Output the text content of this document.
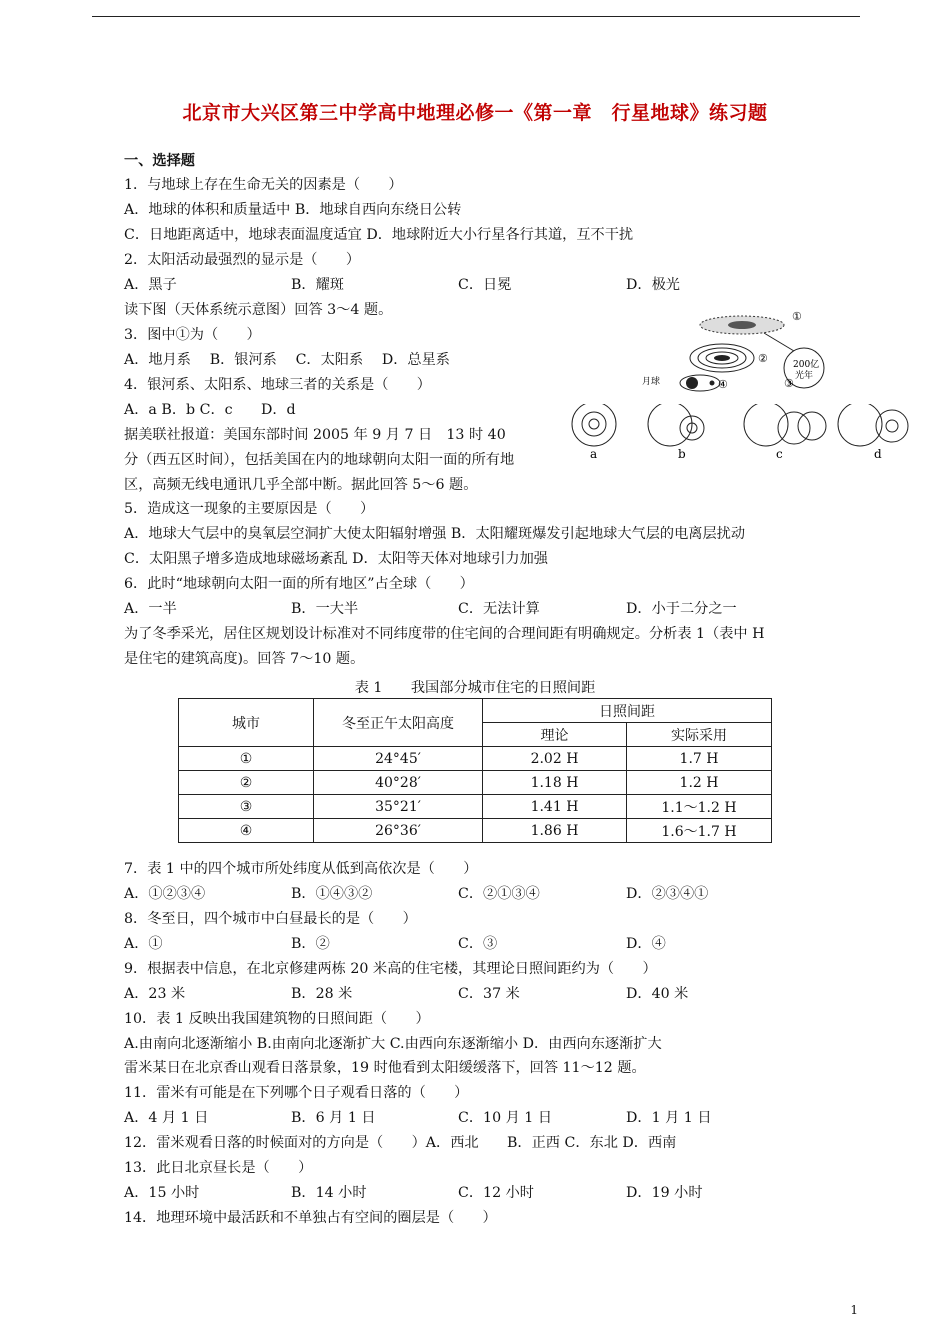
北京市大兴区第三中学高中地理必修一《第一章　行星地球》练习题
一、选择题
1．与地球上存在生命无关的因素是（　　）
A．地球的体积和质量适中 B．地球自西向东绕日公转
C．日地距离适中，地球表面温度适宜 D．地球附近大小行星各行其道，互不干扰
2．太阳活动最强烈的显示是（　　）
A．黑子	B．耀斑	C．日冕	D．极光
读下图（天体系统示意图）回答 3～4 题。
3．图中①为（　　）
A．地月系　 B．银河系　 C．太阳系　 D．总星系
4．银河系、太阳系、地球三者的关系是（　　）
A．a B．b C．c　　D．d
据美联社报道：美国东部时间 2005 年 9 月 7 日　13 时 40
分（西五区时间），包括美国在内的地球朝向太阳一面的所有地
区，高频无线电通讯几乎全部中断。据此回答 5～6 题。
5．造成这一现象的主要原因是（　　）
A．地球大气层中的臭氧层空洞扩大使太阳辐射增强 B．太阳耀斑爆发引起地球大气层的电离层扰动
C．太阳黑子增多造成地球磁场紊乱 D．太阳等天体对地球引力加强
6．此时“地球朝向太阳一面的所有地区”占全球（　　）
A．一半	B．一大半	C．无法计算	D．小于二分之一
为了冬季采光，居住区规划设计标准对不同纬度带的住宅间的合理间距有明确规定。分析表 1（表中 H
是住宅的建筑高度)。回答 7～10 题。
表 1　　我国部分城市住宅的日照间距
城市	冬至正午太阳高度	日照间距	
		理论	实际采用
①	24°45′	2.02 H	1.7 H
②	40°28′	1.18 H	1.2 H
③	35°21′	1.41 H	1.1～1.2 H
④	26°36′	1.86 H	1.6～1.7 H
7．表 1 中的四个城市所处纬度从低到高依次是（　　）
A．①②③④	B．①④③②	C．②①③④	D．②③④①
8．冬至日，四个城市中白昼最长的是（　　）
A．①	B．②	C．③	D．④
9．根据表中信息，在北京修建两栋 20 米高的住宅楼，其理论日照间距约为（　　）
A．23 米	B．28 米	C．37 米	D．40 米
10．表 1 反映出我国建筑物的日照间距（　　）
A.由南向北逐渐缩小 B.由南向北逐渐扩大 C.由西向东逐渐缩小 D．由西向东逐渐扩大
雷米某日在北京香山观看日落景象，19 时他看到太阳缓缓落下，回答 11～12 题。
11．雷米有可能是在下列哪个日子观看日落的（　　）
A．4 月 1 日	B．6 月 1 日	C．10 月 1 日	D．1 月 1 日
12．雷米观看日落的时候面对的方向是（　　）A．西北　　B．正西 C．东北 D．西南
13．此日北京昼长是（　　）
A．15 小时	B．14 小时	C．12 小时	D．19 小时
14．地理环境中最活跃和不单独占有空间的圈层是（　　）
①
②
③
④
月球
200亿
光年
a	b	c	d
1
